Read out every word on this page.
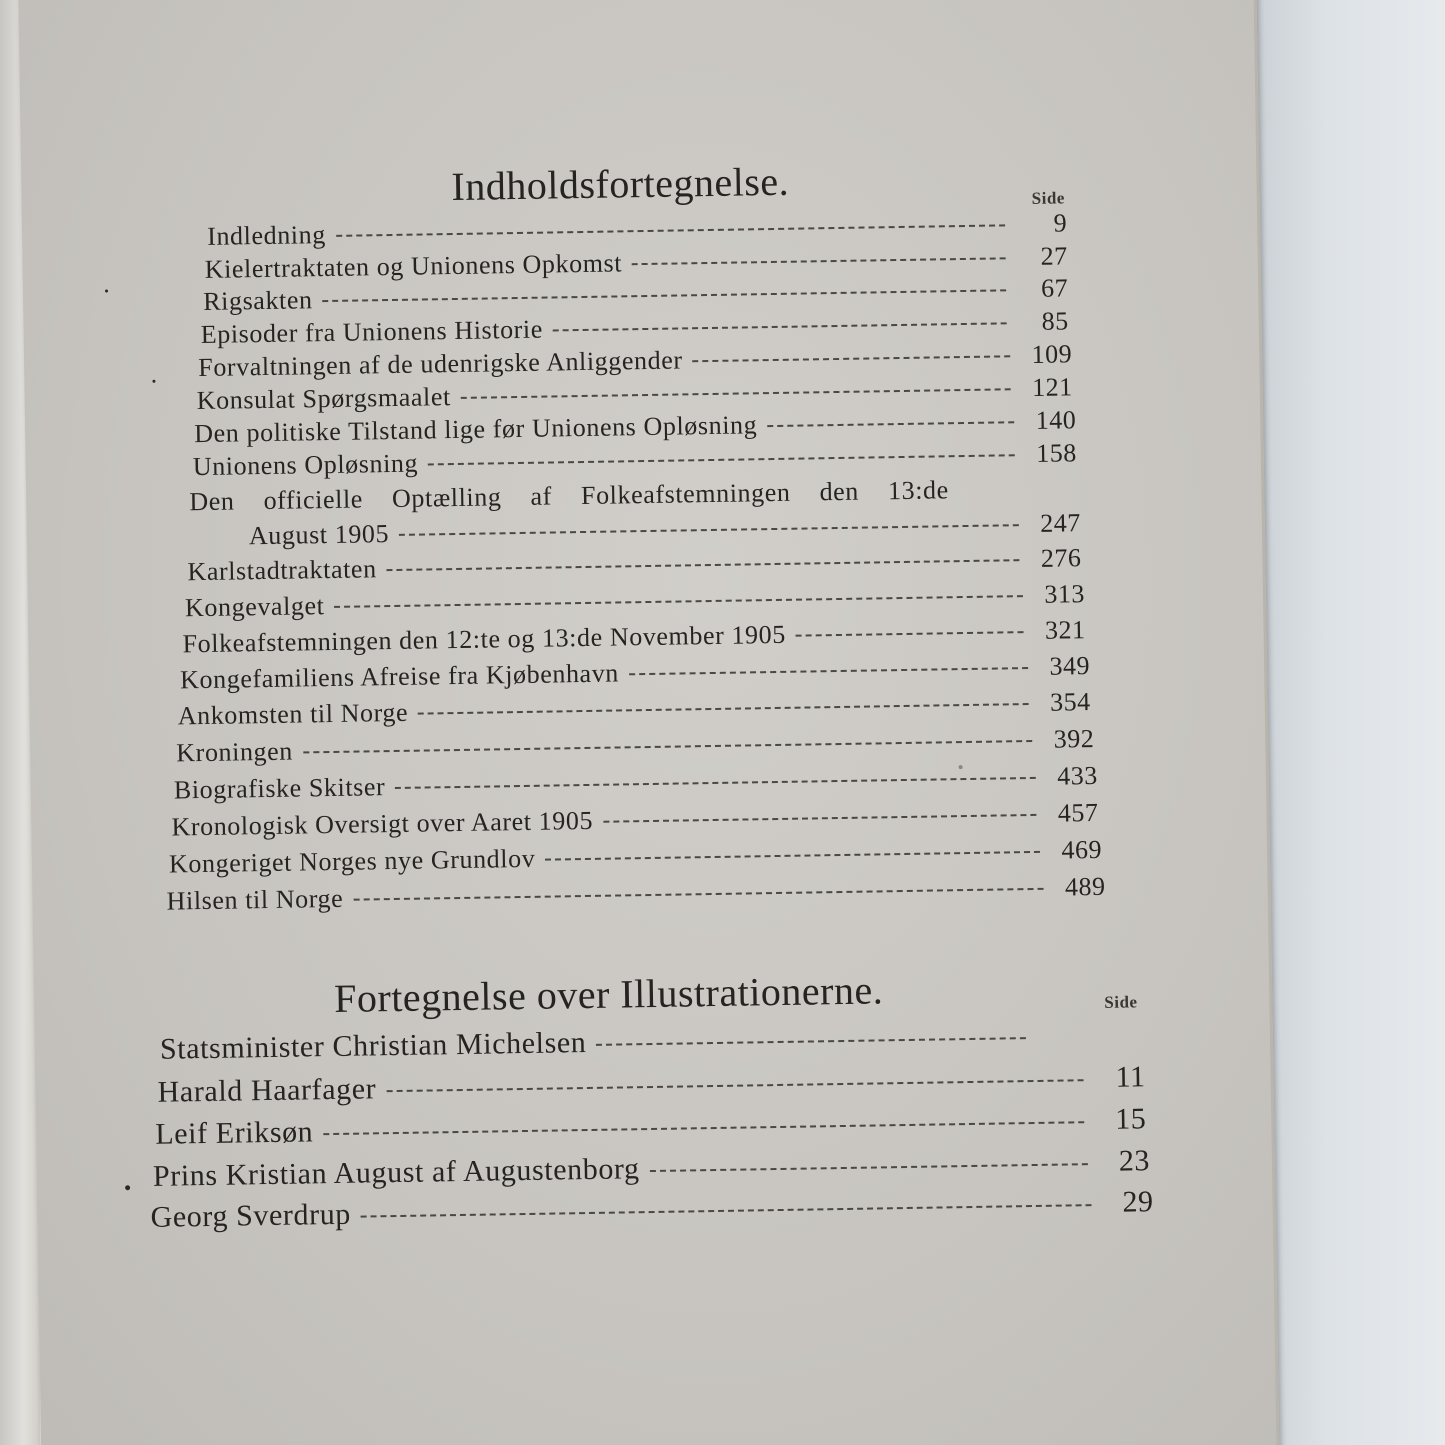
Indholdsfortegnelse.	Side
Indledning	9
Kielertraktaten og Unionens Opkomst	27
Rigsakten	67
Episoder fra Unionens Historie	85
Forvaltningen af de udenrigske Anliggender	109
Konsulat Spørgsmaalet	121
Den politiske Tilstand lige før Unionens Opløsning	140
Unionens Opløsning	158
Den officielle Optælling af Folkeafstemningen den 13:de
August 1905	247
Karlstadtraktaten	276
Kongevalget	313
Folkeafstemningen den 12:te og 13:de November 1905	321
Kongefamiliens Afreise fra Kjøbenhavn	349
Ankomsten til Norge	354
Kroningen	392
Biografiske Skitser	433
Kronologisk Oversigt over Aaret 1905	457
Kongeriget Norges nye Grundlov	469
Hilsen til Norge	489
Fortegnelse over Illustrationerne.	Side
Statsminister Christian Michelsen
Harald Haarfager	11
Leif Eriksøn	15
Prins Kristian August af Augustenborg	23
Georg Sverdrup	29
